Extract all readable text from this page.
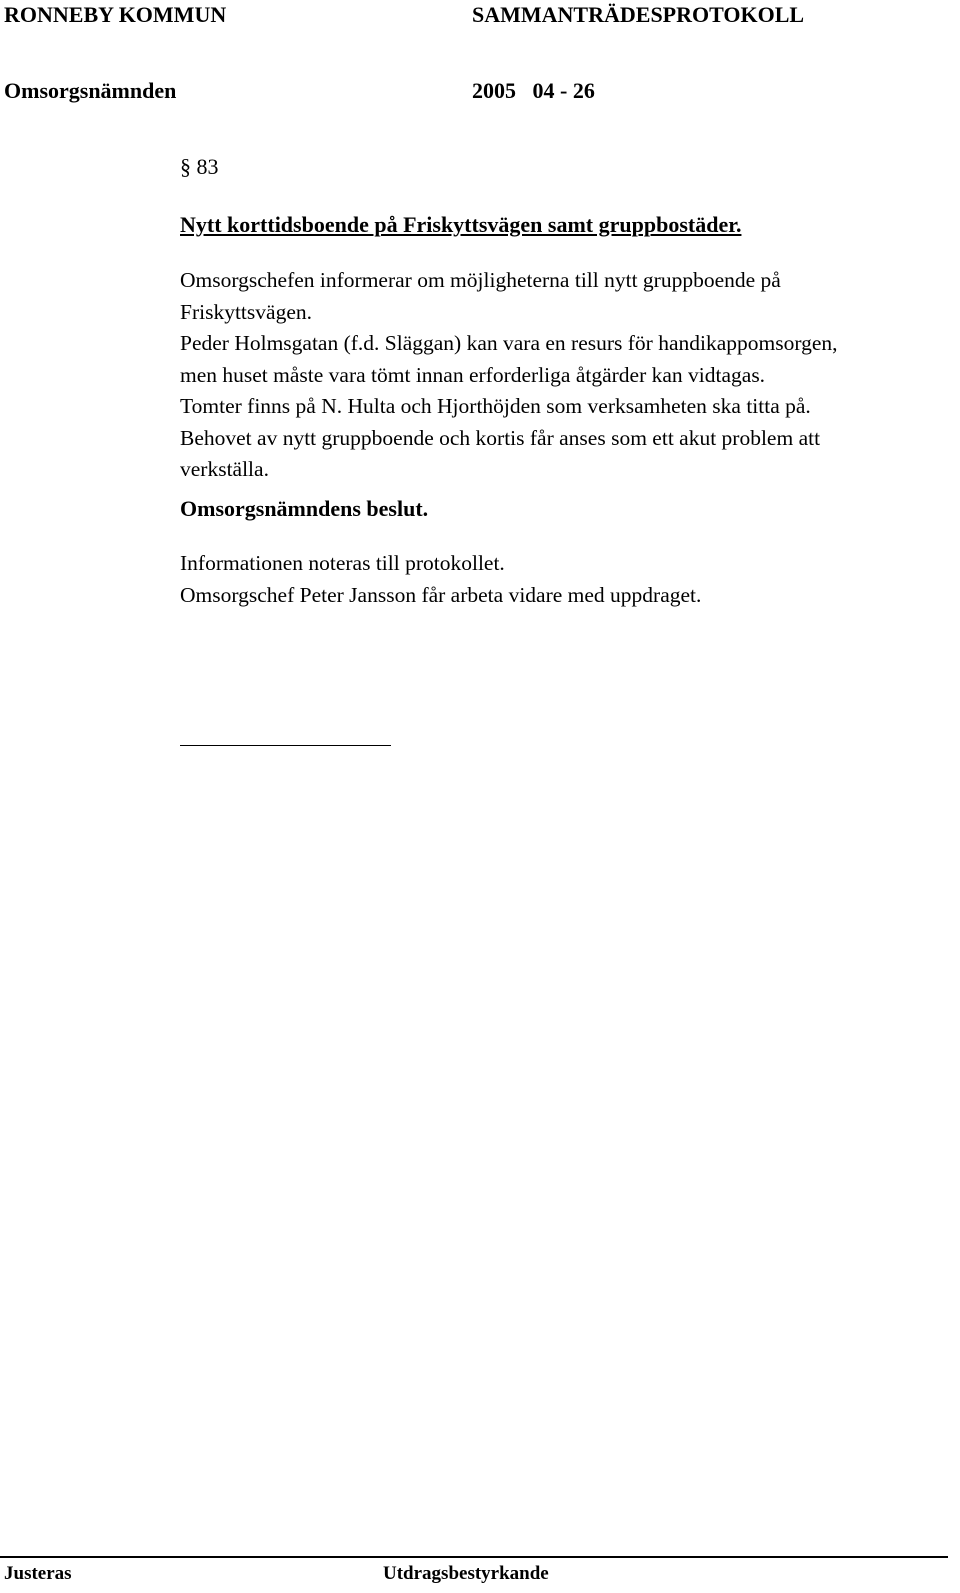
RONNEBY KOMMUN	SAMMANTRÄDESPROTOKOLL
Omsorgsnämnden	2005   04 - 26
§ 83
Nytt korttidsboende på Friskyttsvägen samt gruppbostäder.
Omsorgschefen informerar om möjligheterna till nytt gruppboende på
Friskyttsvägen.
Peder Holmsgatan (f.d. Släggan) kan vara en resurs för handikappomsorgen,
men huset måste vara tömt innan erforderliga åtgärder kan vidtagas.
Tomter finns på N. Hulta och Hjorthöjden som verksamheten ska titta på.
Behovet av nytt gruppboende och kortis får anses som ett akut problem att
verkställa.
Omsorgsnämndens beslut.
Informationen noteras till protokollet.
Omsorgschef Peter Jansson får arbeta vidare med uppdraget.
Justeras	Utdragsbestyrkande
